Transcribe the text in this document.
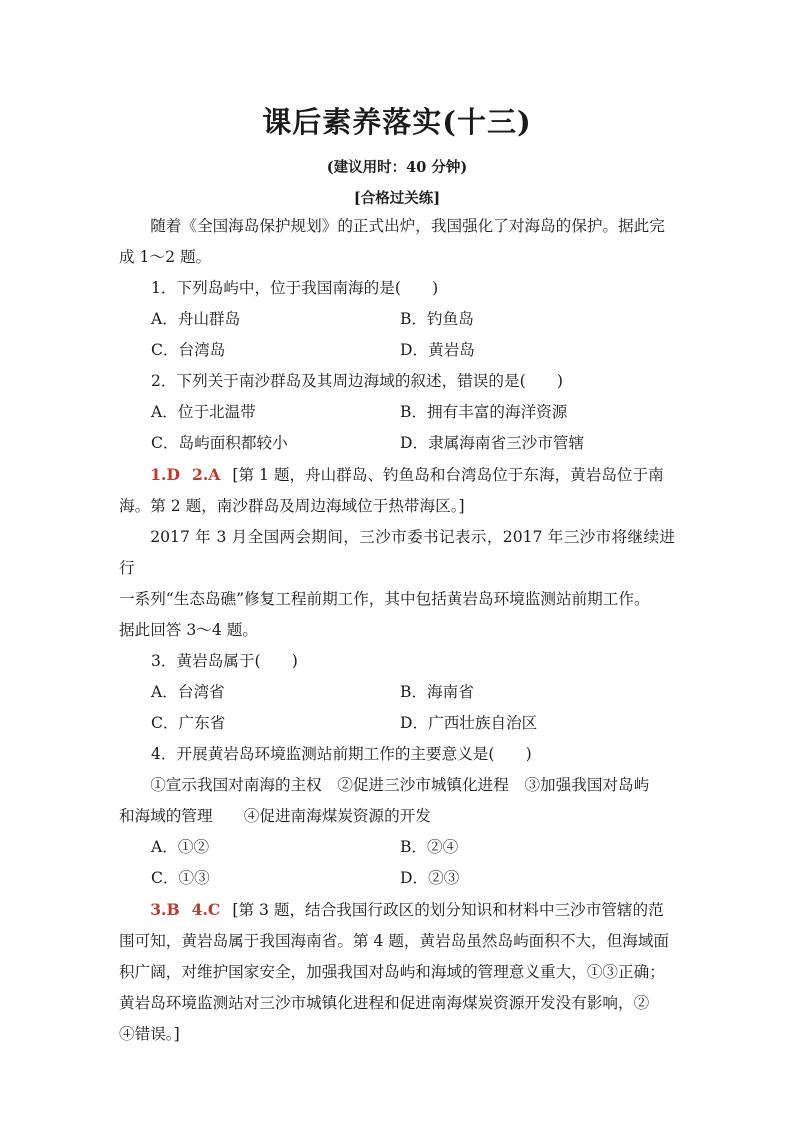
课后素养落实(十三)
(建议用时：40 分钟)
[合格过关练]

随着《全国海岛保护规划》的正式出炉，我国强化了对海岛的保护。据此完

成 1～2 题。

1．下列岛屿中，位于我国南海的是(　　)

A．舟山群岛	B．钓鱼岛
C．台湾岛	D．黄岩岛

2．下列关于南沙群岛及其周边海域的叙述，错误的是(　　)

A．位于北温带	B．拥有丰富的海洋资源
C．岛屿面积都较小	D．隶属海南省三沙市管辖

1.D 2.A [第 1 题，舟山群岛、钓鱼岛和台湾岛位于东海，黄岩岛位于南

海。第 2 题，南沙群岛及周边海域位于热带海区。]

2017 年 3 月全国两会期间，三沙市委书记表示，2017 年三沙市将继续进行

一系列“生态岛礁”修复工程前期工作，其中包括黄岩岛环境监测站前期工作。

据此回答 3～4 题。

3．黄岩岛属于(　　)

A．台湾省	B．海南省
C．广东省	D．广西壮族自治区

4．开展黄岩岛环境监测站前期工作的主要意义是(　　)

①宣示我国对南海的主权　②促进三沙市城镇化进程　③加强我国对岛屿

和海域的管理　　④促进南海煤炭资源的开发

A．①②	B．②④
C．①③	D．②③

3.B 4.C [第 3 题，结合我国行政区的划分知识和材料中三沙市管辖的范

围可知，黄岩岛属于我国海南省。第 4 题，黄岩岛虽然岛屿面积不大，但海域面

积广阔，对维护国家安全，加强我国对岛屿和海域的管理意义重大，①③正确；

黄岩岛环境监测站对三沙市城镇化进程和促进南海煤炭资源开发没有影响，②

④错误。]
